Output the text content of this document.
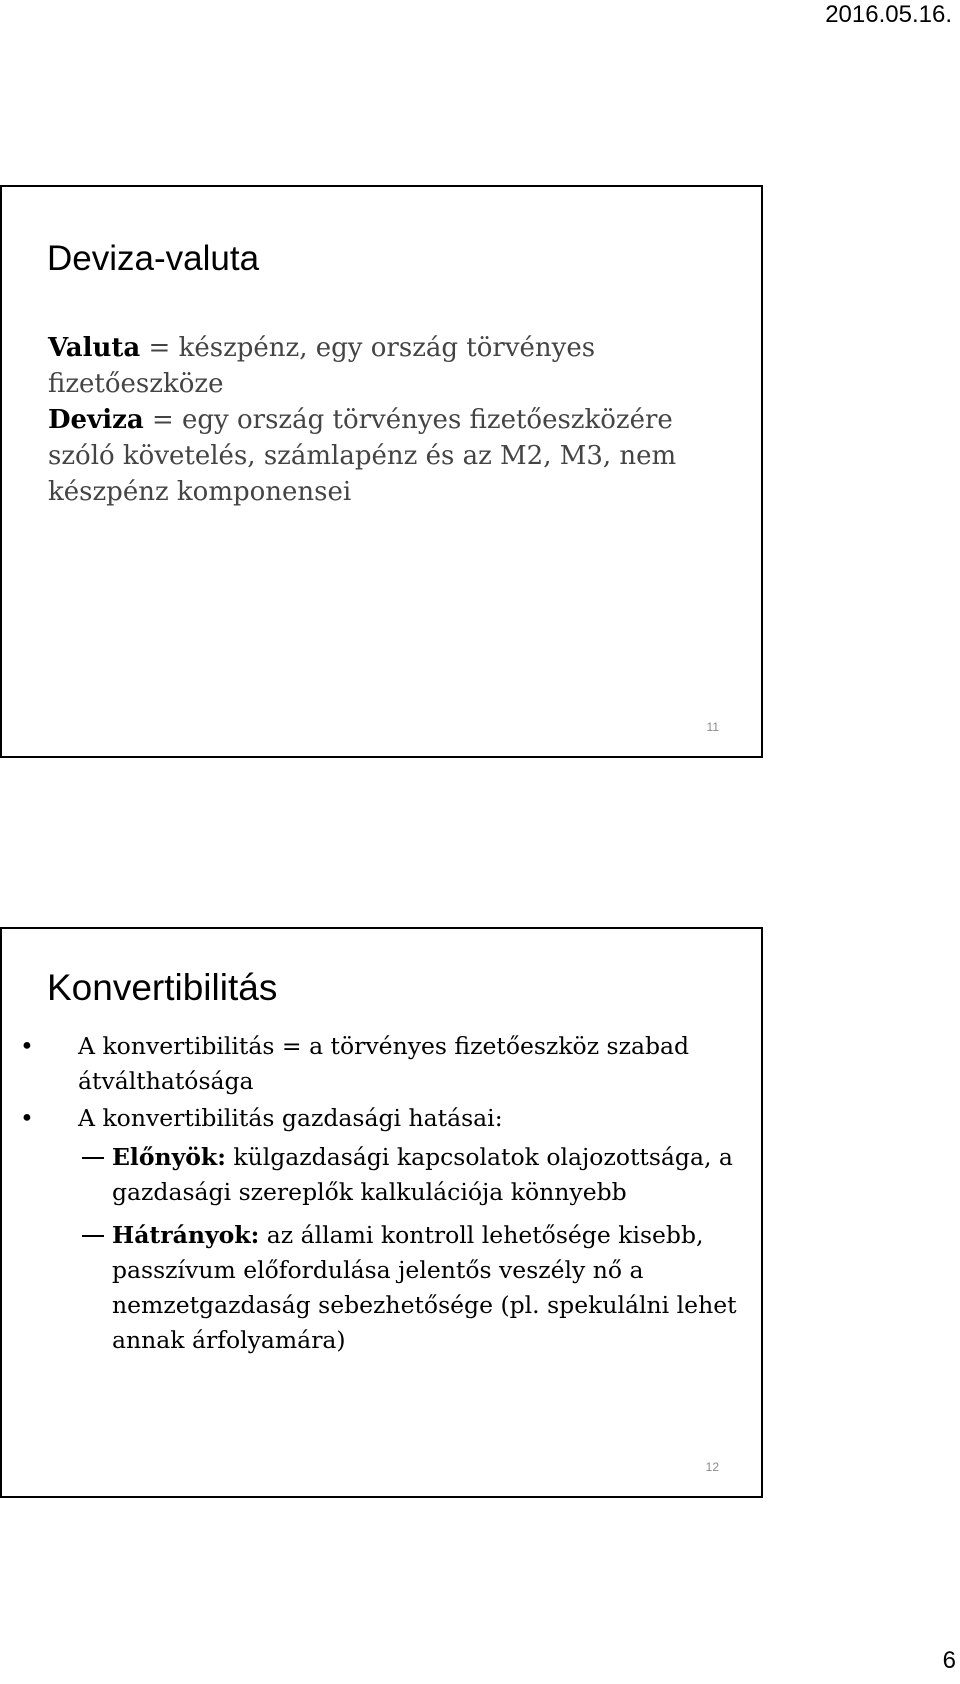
2016.05.16.
Deviza-valuta

Valuta = készpénz, egy ország törvényes fizetőeszköze

Deviza = egy ország törvényes fizetőeszközére szóló követelés, számlapénz és az M2, M3, nem készpénz komponensei

11
Konvertibilitás
•	A konvertibilitás = a törvényes fizetőeszköz szabad átválthatósága
•	A konvertibilitás gazdasági hatásai:
Előnyök: külgazdasági kapcsolatok olajozottsága, a gazdasági szereplők kalkulációja könnyebb
Hátrányok: az állami kontroll lehetősége kisebb, passzívum előfordulása jelentős veszély nő a nemzetgazdaság sebezhetősége (pl. spekulálni lehet annak árfolyamára)
12
6
